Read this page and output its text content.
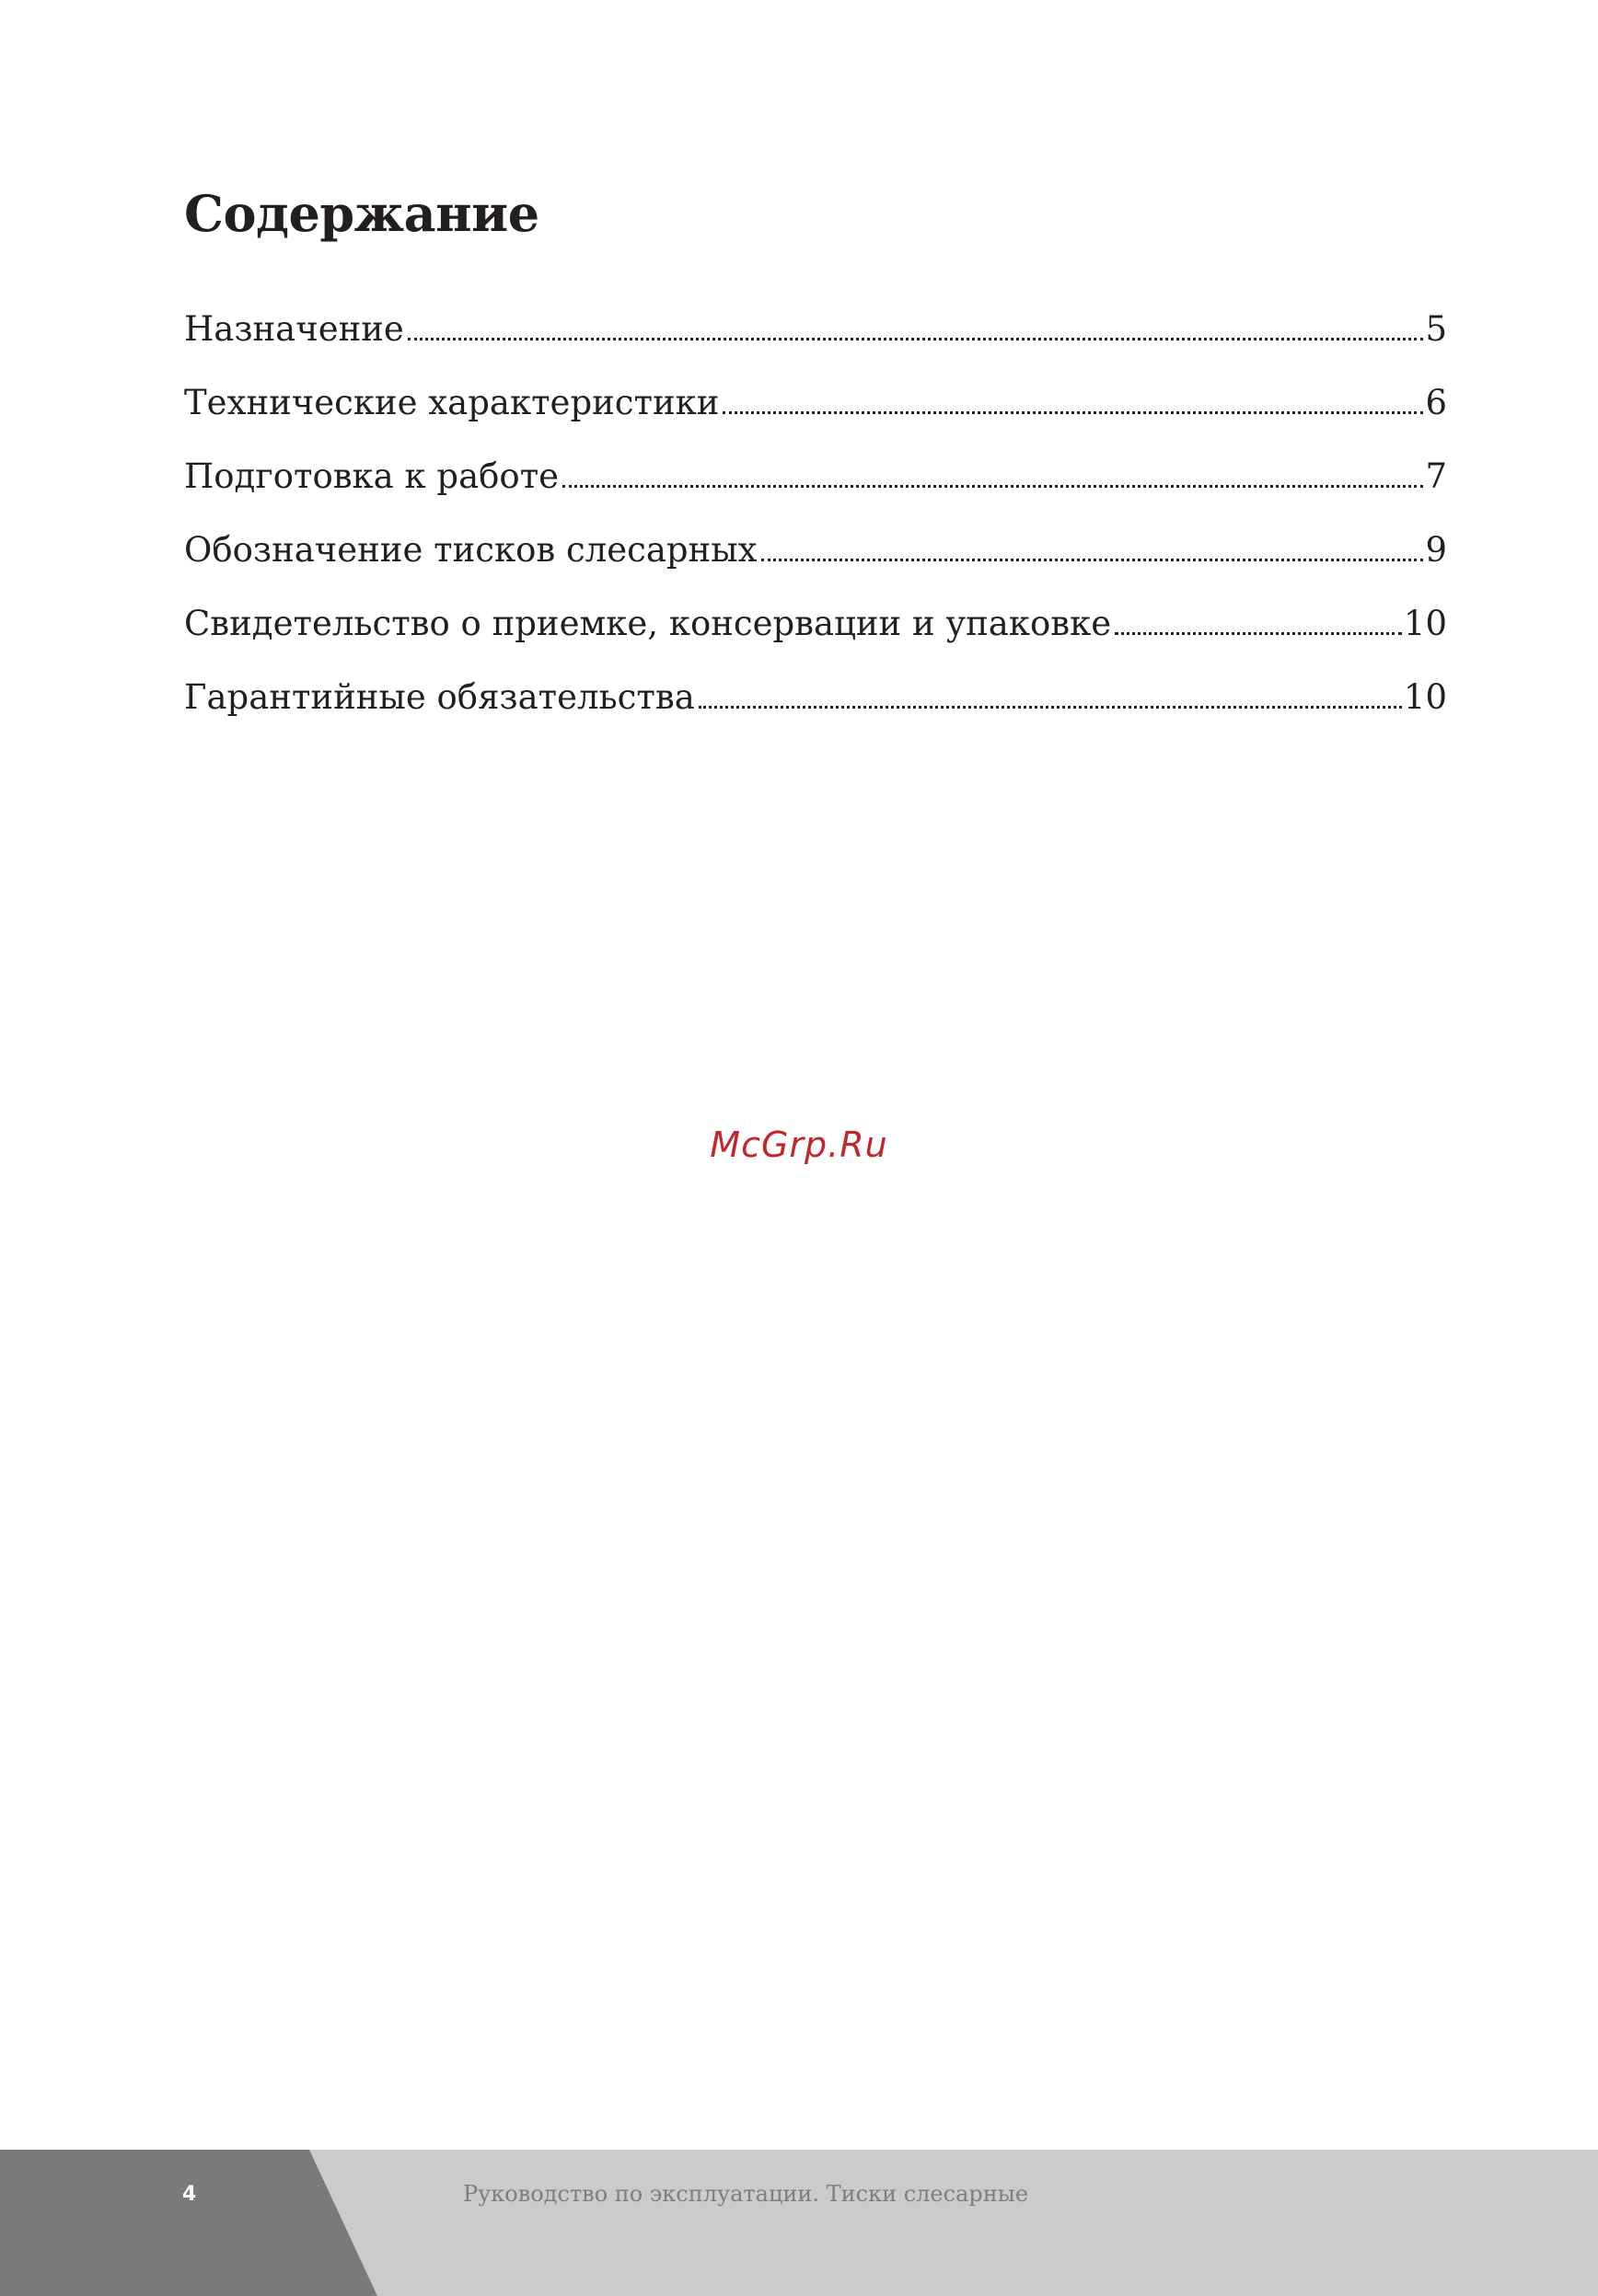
Содержание
Назначение	5
Технические характеристики	6
Подготовка к работе	7
Обозначение тисков слесарных	9
Свидетельство о приемке, консервации и упаковке	10
Гарантийные обязательства	10
McGrp.Ru
4	Руководство по эксплуатации. Тиски слесарные
